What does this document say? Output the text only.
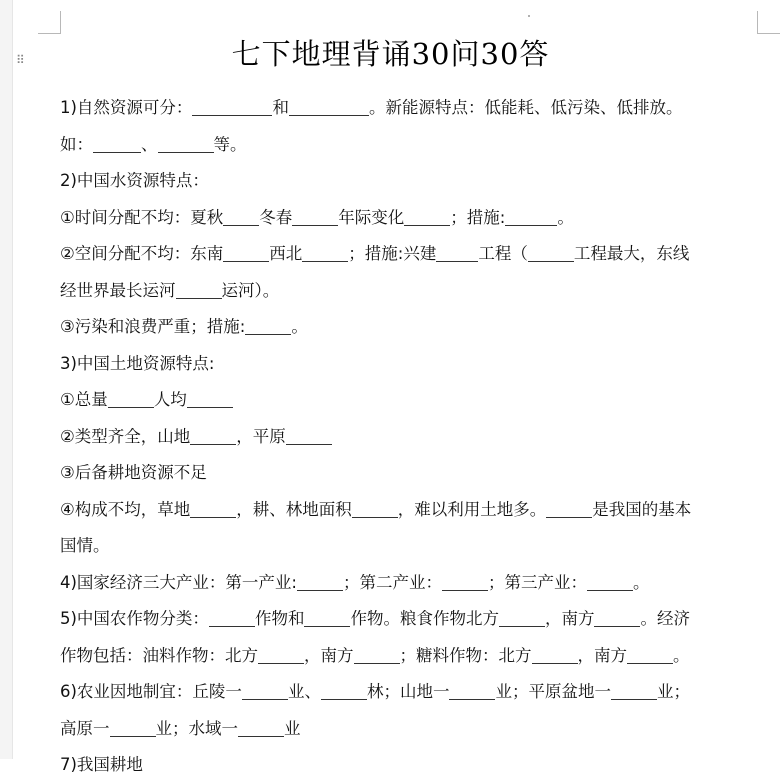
⠿	七下地理背诵30问30答
1)自然资源可分：	和	。新能源特点：低能耗、低污染、低排放。
如：	、	等。
2)中国水资源特点：
①时间分配不均：夏秋 冬春	年际变化	；措施:	。
②空间分配不均：东南	西北	；措施:兴建	工程（	工程最大，东线
经世界最长运河	运河）。
③污染和浪费严重；措施:	。
3)中国土地资源特点:
①总量	人均
②类型齐全，山地	，平原
③后备耕地资源不足
④构成不均，草地	，耕、林地面积	，难以利用土地多。	是我国的基本
国情。
4)国家经济三大产业：第一产业:	；第二产业：	；第三产业：	。
5)中国农作物分类：	作物和	作物。粮食作物北方	，南方	。经济
作物包括：油料作物：北方	，南方	；糖料作物：北方	，南方	。
6)农业因地制宜：丘陵一	业、	林；山地一	业；平原盆地一	业；
高原一	业；水域一	业
7)我国耕地
